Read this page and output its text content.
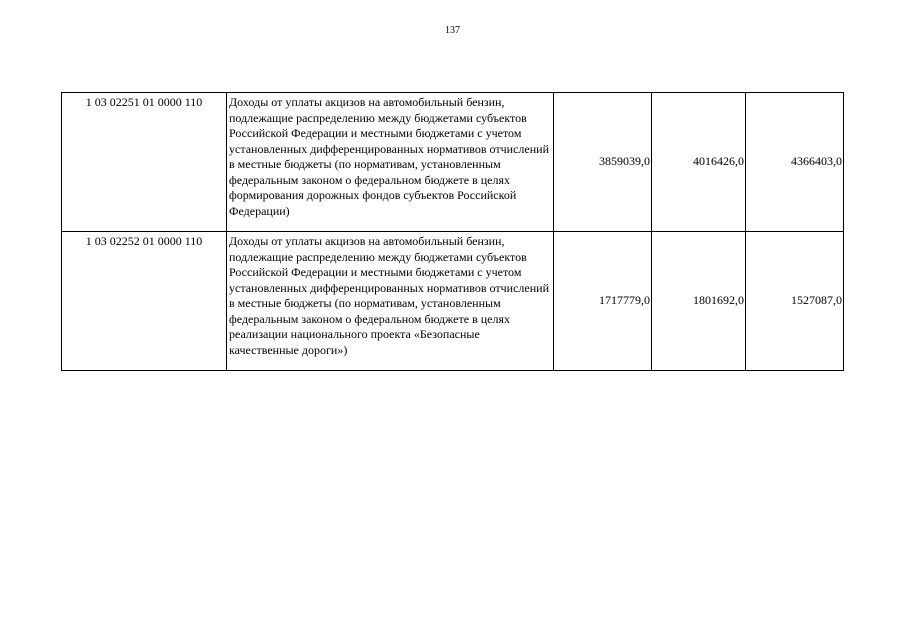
137
1 03 02251 01 0000 110	Доходы от уплаты акцизов на автомобильный бензин, подлежащие распределению между бюджетами субъектов Российской Федерации и местными бюджетами с учетом установленных дифференцированных нормативов отчислений в местные бюджеты (по нормативам, установленным федеральным законом о федеральном бюджете в целях формирования дорожных фондов субъектов Российской Федерации)	3859039,0	4016426,0	4366403,0
1 03 02252 01 0000 110	Доходы от уплаты акцизов на автомобильный бензин, подлежащие распределению между бюджетами субъектов Российской Федерации и местными бюджетами с учетом установленных дифференцированных нормативов отчислений в местные бюджеты (по нормативам, установленным федеральным законом о федеральном бюджете в целях реализации национального проекта «Безопасные качественные дороги»)	1717779,0	1801692,0	1527087,0
